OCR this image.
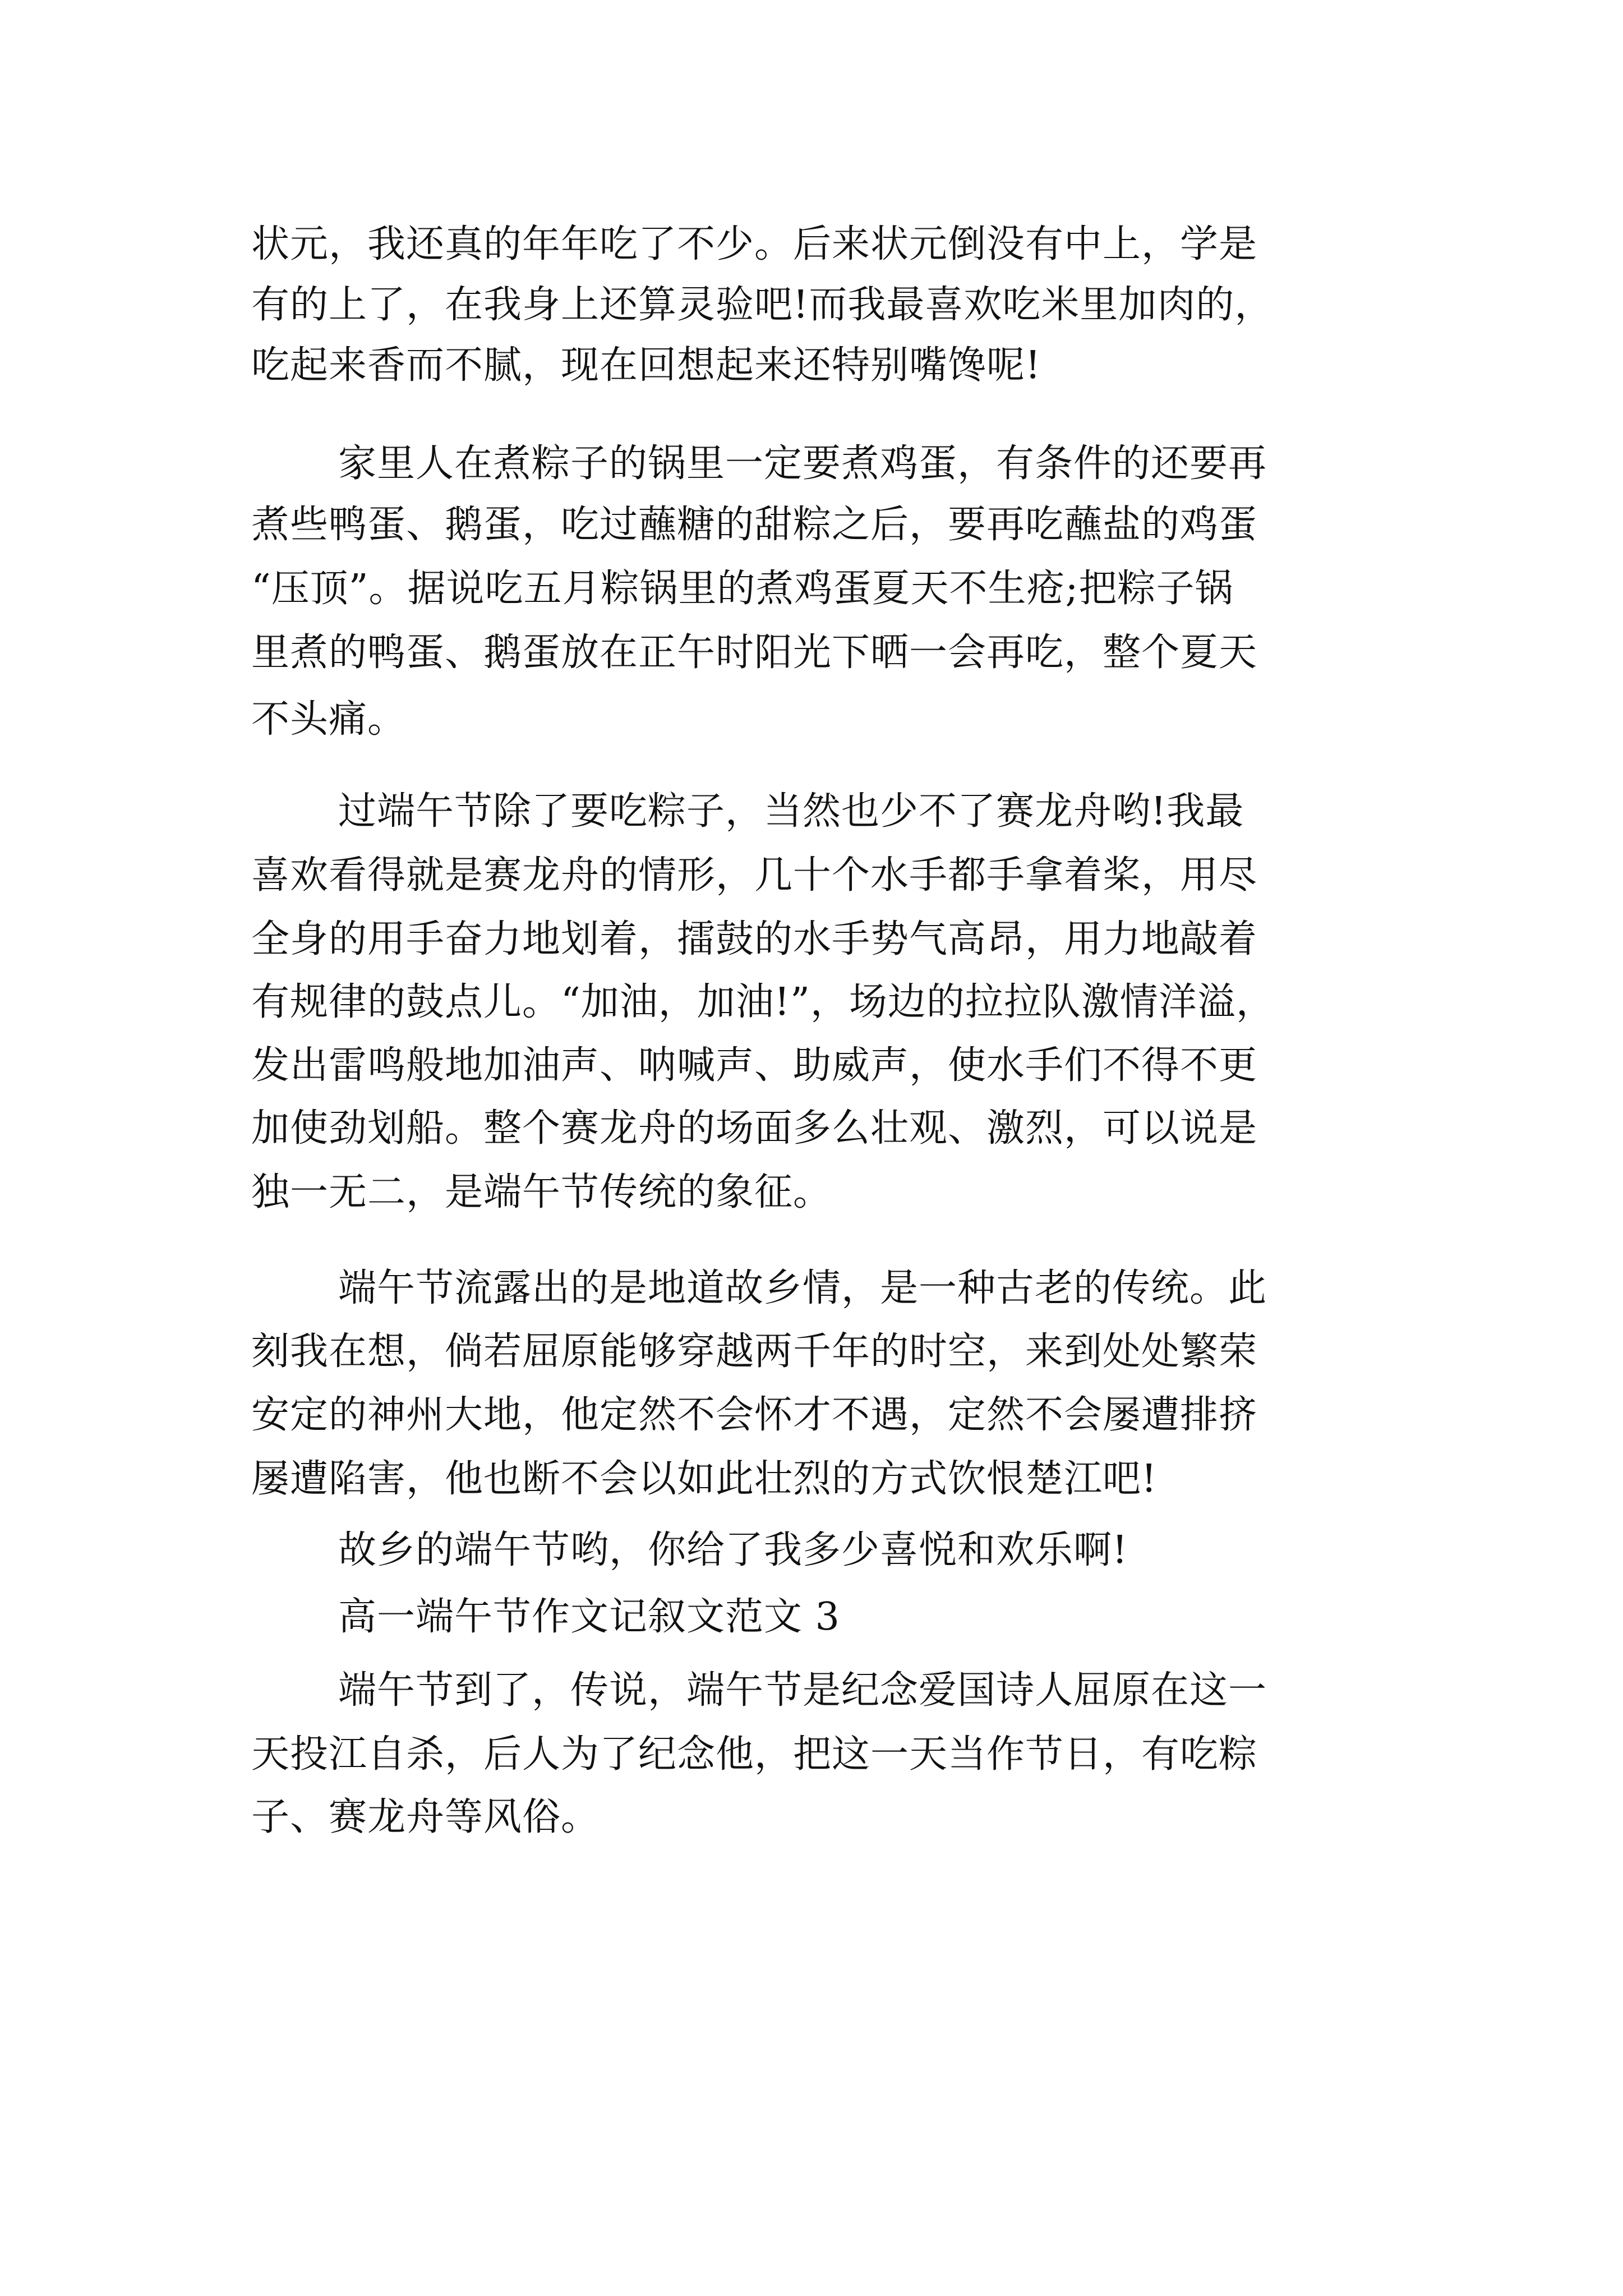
状元，我还真的年年吃了不少。后来状元倒没有中上，学是
有的上了，在我身上还算灵验吧!而我最喜欢吃米里加肉的，
吃起来香而不腻，现在回想起来还特别嘴馋呢!
家里人在煮粽子的锅里一定要煮鸡蛋，有条件的还要再
煮些鸭蛋、鹅蛋，吃过蘸糖的甜粽之后，要再吃蘸盐的鸡蛋
“压顶”。据说吃五月粽锅里的煮鸡蛋夏天不生疮;把粽子锅
里煮的鸭蛋、鹅蛋放在正午时阳光下晒一会再吃，整个夏天
不头痛。
过端午节除了要吃粽子，当然也少不了赛龙舟哟!我最
喜欢看得就是赛龙舟的情形，几十个水手都手拿着桨，用尽
全身的用手奋力地划着，擂鼓的水手势气高昂，用力地敲着
有规律的鼓点儿。“加油，加油!”，场边的拉拉队激情洋溢，
发出雷鸣般地加油声、呐喊声、助威声，使水手们不得不更
加使劲划船。整个赛龙舟的场面多么壮观、激烈，可以说是
独一无二，是端午节传统的象征。
端午节流露出的是地道故乡情，是一种古老的传统。此
刻我在想，倘若屈原能够穿越两千年的时空，来到处处繁荣
安定的神州大地，他定然不会怀才不遇，定然不会屡遭排挤
屡遭陷害，他也断不会以如此壮烈的方式饮恨楚江吧!
故乡的端午节哟，你给了我多少喜悦和欢乐啊!
高一端午节作文记叙文范文 3
端午节到了，传说，端午节是纪念爱国诗人屈原在这一
天投江自杀，后人为了纪念他，把这一天当作节日，有吃粽
子、赛龙舟等风俗。
